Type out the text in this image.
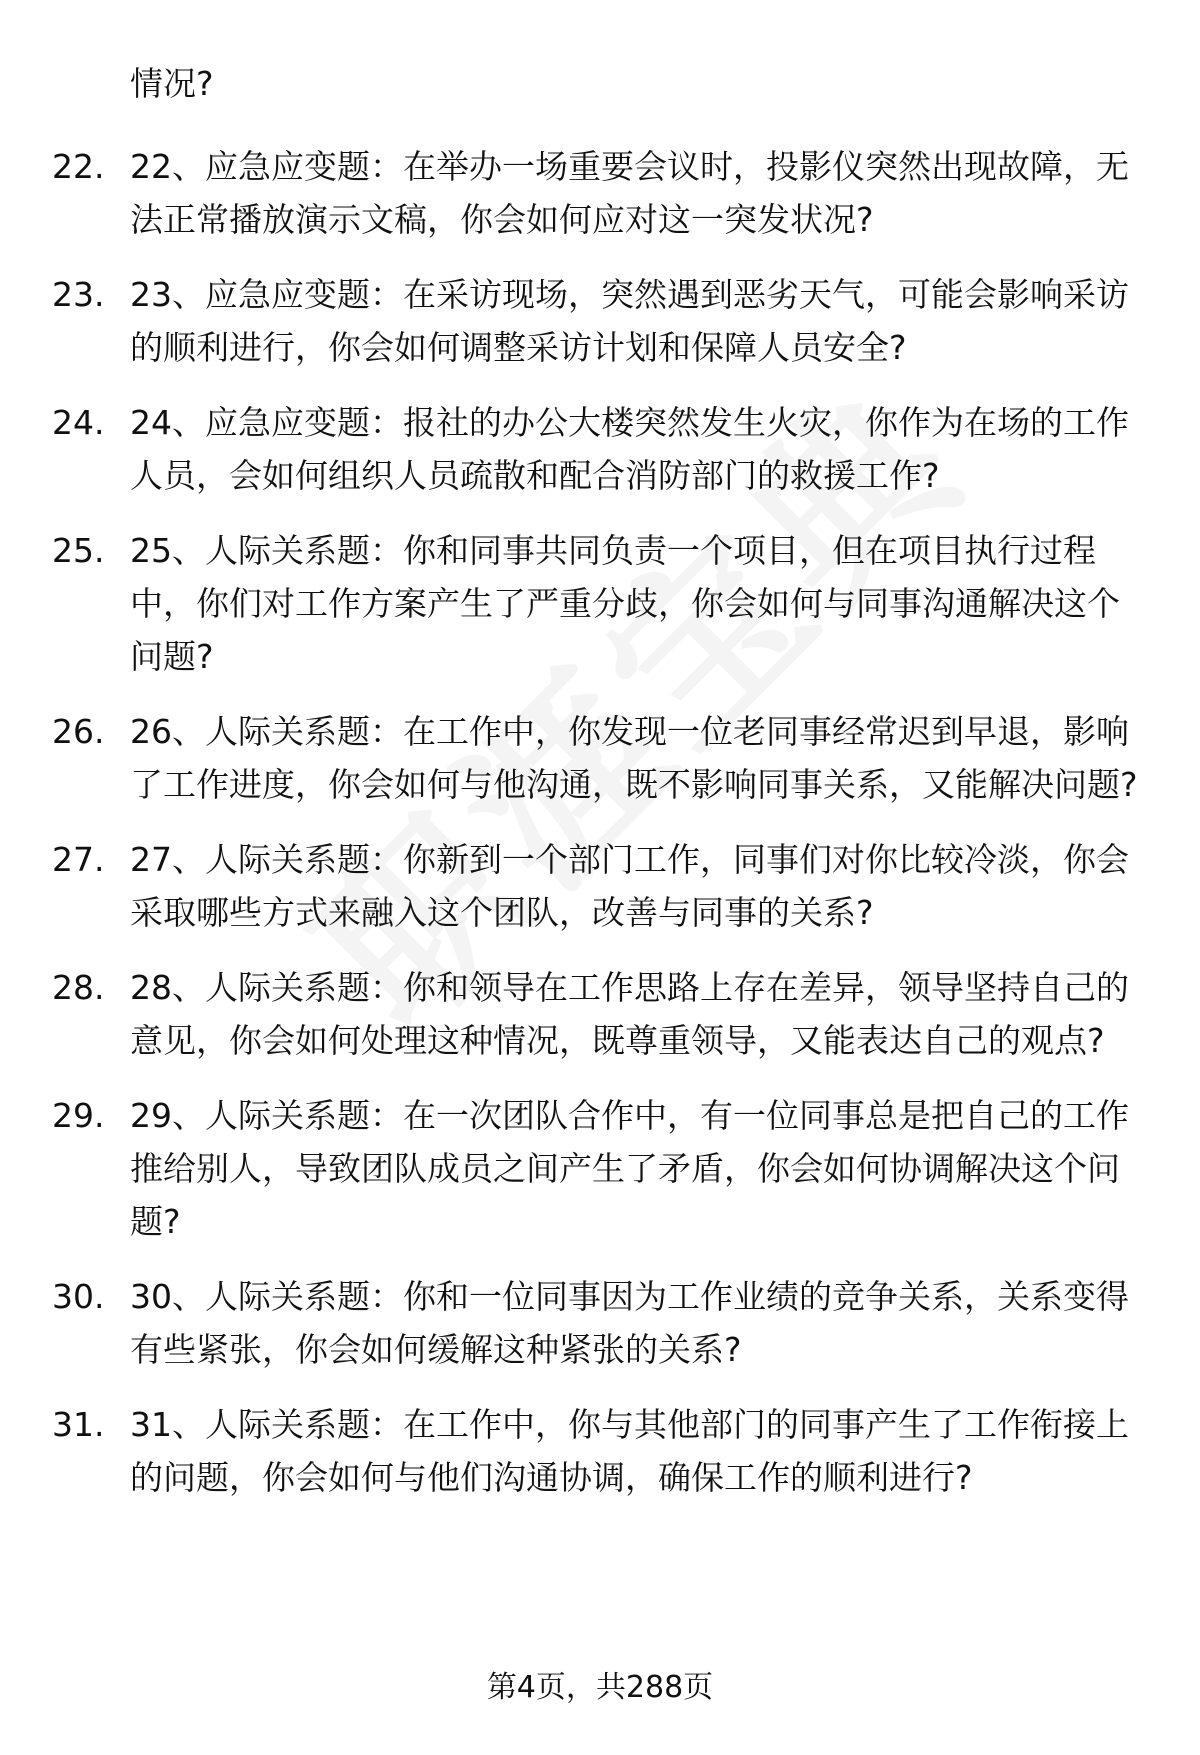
情况?
22. 22、应急应变题：在举办一场重要会议时，投影仪突然出现故障，无法正常播放演示文稿，你会如何应对这一突发状况?
23. 23、应急应变题：在采访现场，突然遇到恶劣天气，可能会影响采访的顺利进行，你会如何调整采访计划和保障人员安全?
24. 24、应急应变题：报社的办公大楼突然发生火灾，你作为在场的工作人员，会如何组织人员疏散和配合消防部门的救援工作?
25. 25、人际关系题：你和同事共同负责一个项目，但在项目执行过程中，你们对工作方案产生了严重分歧，你会如何与同事沟通解决这个问题?
26. 26、人际关系题：在工作中，你发现一位老同事经常迟到早退，影响了工作进度，你会如何与他沟通，既不影响同事关系，又能解决问题?
27. 27、人际关系题：你新到一个部门工作，同事们对你比较冷淡，你会采取哪些方式来融入这个团队，改善与同事的关系?
28. 28、人际关系题：你和领导在工作思路上存在差异，领导坚持自己的意见，你会如何处理这种情况，既尊重领导，又能表达自己的观点?
29. 29、人际关系题：在一次团队合作中，有一位同事总是把自己的工作推给别人，导致团队成员之间产生了矛盾，你会如何协调解决这个问题?
30. 30、人际关系题：你和一位同事因为工作业绩的竞争关系，关系变得有些紧张，你会如何缓解这种紧张的关系?
31. 31、人际关系题：在工作中，你与其他部门的同事产生了工作衔接上的问题，你会如何与他们沟通协调，确保工作的顺利进行?
第4页，共288页
